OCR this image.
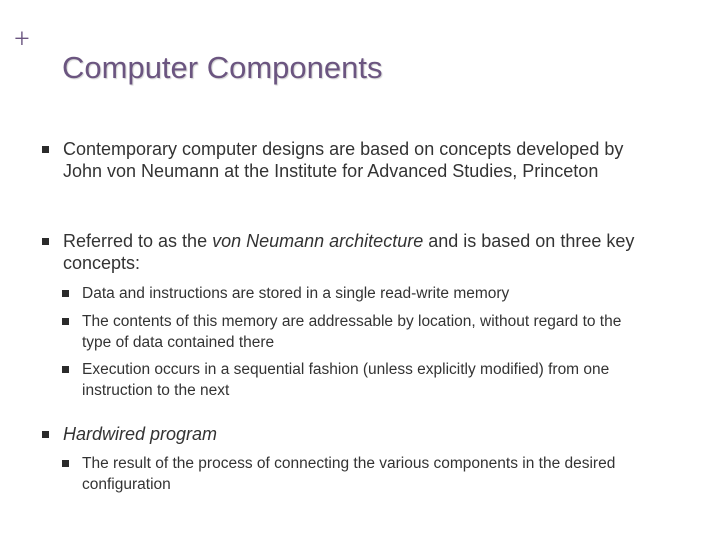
+
Computer Components
Contemporary computer designs are based on concepts developed by John von Neumann at the Institute for Advanced Studies, Princeton
Referred to as the von Neumann architecture and is based on three key concepts:
Data and instructions are stored in a single read-write memory
The contents of this memory are addressable by location, without regard to the type of data contained there
Execution occurs in a sequential fashion (unless explicitly modified) from one instruction to the next
Hardwired program
The result of the process of connecting the various components in the desired configuration
